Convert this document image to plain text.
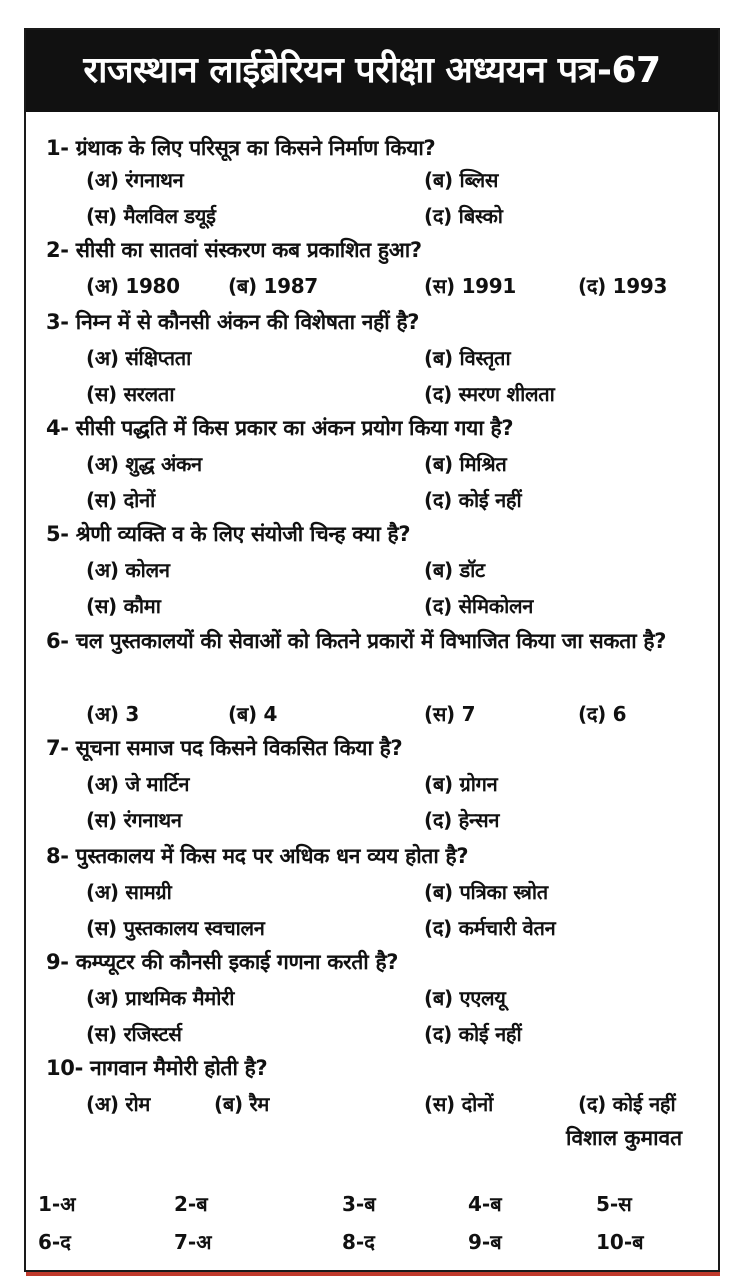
राजस्थान लाईब्रेरियन परीक्षा अध्ययन पत्र-67
1- ग्रंथाक के लिए परिसूत्र का किसने निर्माण किया?
(अ) रंगनाथन	(ब) ब्लिस
(स) मैलविल डयूई	(द) बिस्को
2- सीसी का सातवां संस्करण कब प्रकाशित हुआ?
(अ) 1980 (ब) 1987	(स) 1991	(द) 1993
3- निम्न में से कौनसी अंकन की विशेषता नहीं है?
(अ) संक्षिप्तता	(ब) विस्तृता
(स) सरलता	(द) स्मरण शीलता
4- सीसी पद्धति में किस प्रकार का अंकन प्रयोग किया गया है?
(अ) शुद्ध अंकन	(ब) मिश्रित
(स) दोनों	(द) कोई नहीं
5- श्रेणी व्यक्ति व के लिए संयोजी चिन्ह क्या है?
(अ) कोलन	(ब) डॉट
(स) कौमा	(द) सेमिकोलन
6- चल पुस्तकालयों की सेवाओं को कितने प्रकारों में विभाजित किया जा सकता है?
(अ) 3	(ब) 4	(स) 7	(द) 6
7- सूचना समाज पद किसने विकसित किया है?
(अ) जे मार्टिन	(ब) ग्रोगन
(स) रंगनाथन	(द) हेन्सन
8- पुस्तकालय में किस मद पर अधिक धन व्यय होता है?
(अ) सामग्री	(ब) पत्रिका स्त्रोत
(स) पुस्तकालय स्वचालन	(द) कर्मचारी वेतन
9- कम्प्यूटर की कौनसी इकाई गणना करती है?
(अ) प्राथमिक मैमोरी	(ब) एएलयू
(स) रजिस्टर्स	(द) कोई नहीं
10- नागवान मैमोरी होती है?
(अ) रोम	(ब) रैम	(स) दोनों	(द) कोई नहीं
विशाल कुमावत
1-अ	2-ब	3-ब	4-ब	5-स
6-द	7-अ	8-द	9-ब	10-ब
